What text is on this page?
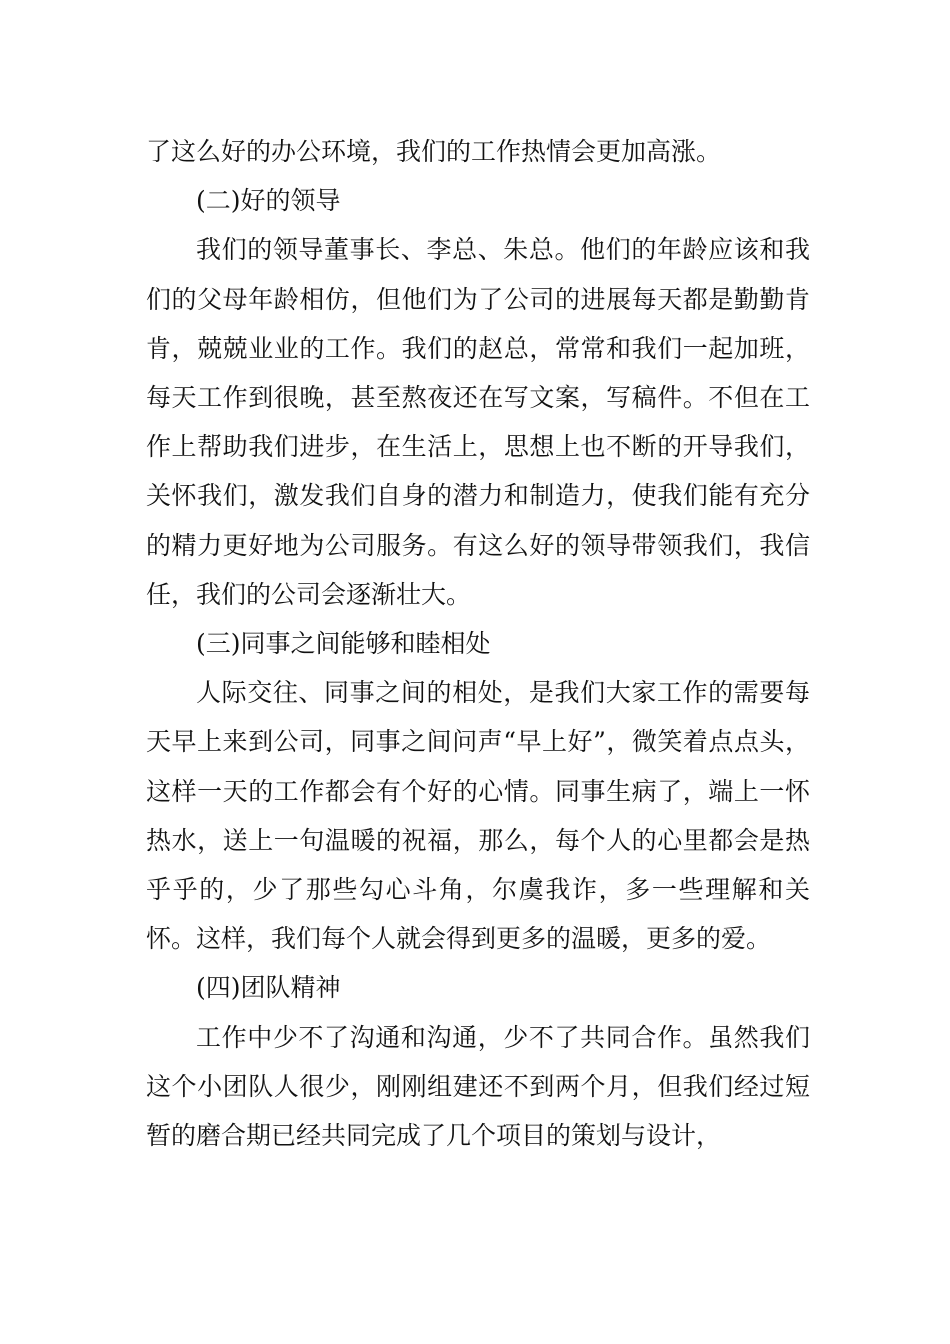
了这么好的办公环境，我们的工作热情会更加高涨。

(二)好的领导

我们的领导董事长、李总、朱总。他们的年龄应该和我们的父母年龄相仿，但他们为了公司的进展每天都是勤勤肯肯，兢兢业业的工作。我们的赵总，常常和我们一起加班，每天工作到很晚，甚至熬夜还在写文案，写稿件。不但在工作上帮助我们进步，在生活上，思想上也不断的开导我们，关怀我们，激发我们自身的潜力和制造力，使我们能有充分的精力更好地为公司服务。有这么好的领导带领我们，我信任，我们的公司会逐渐壮大。

(三)同事之间能够和睦相处

人际交往、同事之间的相处，是我们大家工作的需要每天早上来到公司，同事之间问声“早上好”，微笑着点点头，这样一天的工作都会有个好的心情。同事生病了，端上一怀热水，送上一句温暖的祝福，那么，每个人的心里都会是热乎乎的，少了那些勾心斗角，尔虞我诈，多一些理解和关怀。这样，我们每个人就会得到更多的温暖，更多的爱。

(四)团队精神

工作中少不了沟通和沟通，少不了共同合作。虽然我们这个小团队人很少，刚刚组建还不到两个月，但我们经过短暂的磨合期已经共同完成了几个项目的策划与设计，
